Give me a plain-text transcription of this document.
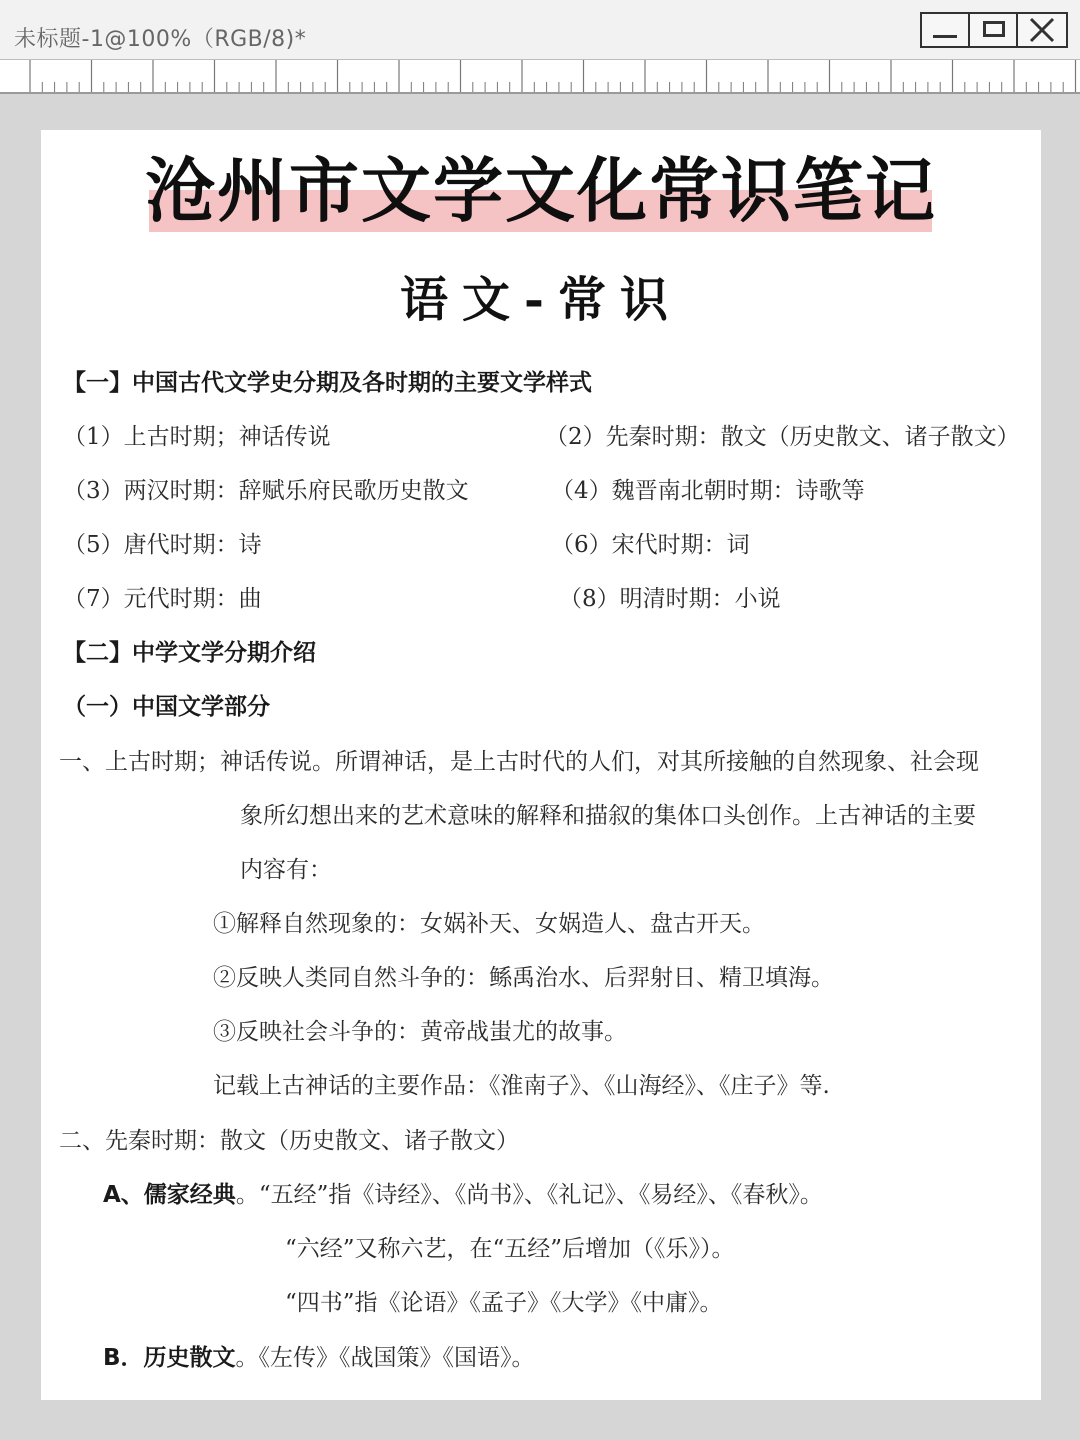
未标题-1@100%（RGB/8)*
沧州市文学文化常识笔记
语文-常识
【一】中国古代文学史分期及各时期的主要文学样式
（1）上古时期；神话传说	（2）先秦时期：散文（历史散文、诸子散文）
（3）两汉时期：辞赋乐府民歌历史散文	（4）魏晋南北朝时期：诗歌等
（5）唐代时期：诗	（6）宋代时期：词
（7）元代时期：曲	（8）明清时期：小说
【二】中学文学分期介绍
（一）中国文学部分
一、上古时期；神话传说。所谓神话，是上古时代的人们，对其所接触的自然现象、社会现
象所幻想出来的艺术意味的解释和描叙的集体口头创作。上古神话的主要
内容有：
①解释自然现象的：女娲补天、女娲造人、盘古开天。
②反映人类同自然斗争的：鲧禹治水、后羿射日、精卫填海。
③反映社会斗争的：黄帝战蚩尤的故事。
记载上古神话的主要作品：《淮南子》、《山海经》、《庄子》等.
二、先秦时期：散文（历史散文、诸子散文）
A、儒家经典。“五经”指《诗经》、《尚书》、《礼记》、《易经》、《春秋》。
“六经”又称六艺，在“五经”后增加（《乐》）。
“四书”指《论语》《孟子》《大学》《中庸》。
B．历史散文。《左传》《战国策》《国语》。
